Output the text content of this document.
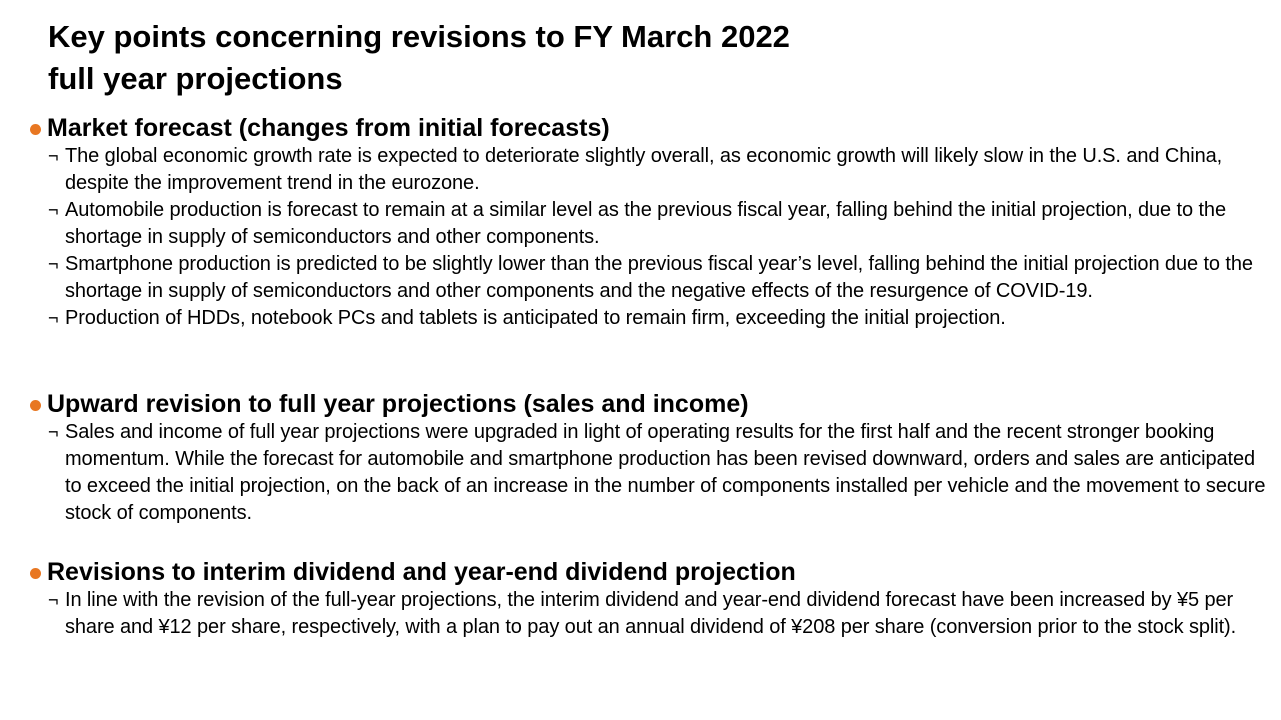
Key points concerning revisions to FY March 2022
full year projections
Market forecast (changes from initial forecasts)
¬ The global economic growth rate is expected to deteriorate slightly overall, as economic growth will likely slow in the U.S. and China, despite the improvement trend in the eurozone.
¬ Automobile production is forecast to remain at a similar level as the previous fiscal year, falling behind the initial projection, due to the shortage in supply of semiconductors and other components.
¬ Smartphone production is predicted to be slightly lower than the previous fiscal year’s level, falling behind the initial projection due to the shortage in supply of semiconductors and other components and the negative effects of the resurgence of COVID-19.
¬ Production of HDDs, notebook PCs and tablets is anticipated to remain firm, exceeding the initial projection.
Upward revision to full year projections (sales and income)
¬ Sales and income of full year projections were upgraded in light of operating results for the first half and the recent stronger booking momentum. While the forecast for automobile and smartphone production has been revised downward, orders and sales are anticipated to exceed the initial projection, on the back of an increase in the number of components installed per vehicle and the movement to secure stock of components.
Revisions to interim dividend and year-end dividend projection
¬ In line with the revision of the full-year projections, the interim dividend and year-end dividend forecast have been increased by ¥5 per share and ¥12 per share, respectively, with a plan to pay out an annual dividend of ¥208 per share (conversion prior to the stock split).
